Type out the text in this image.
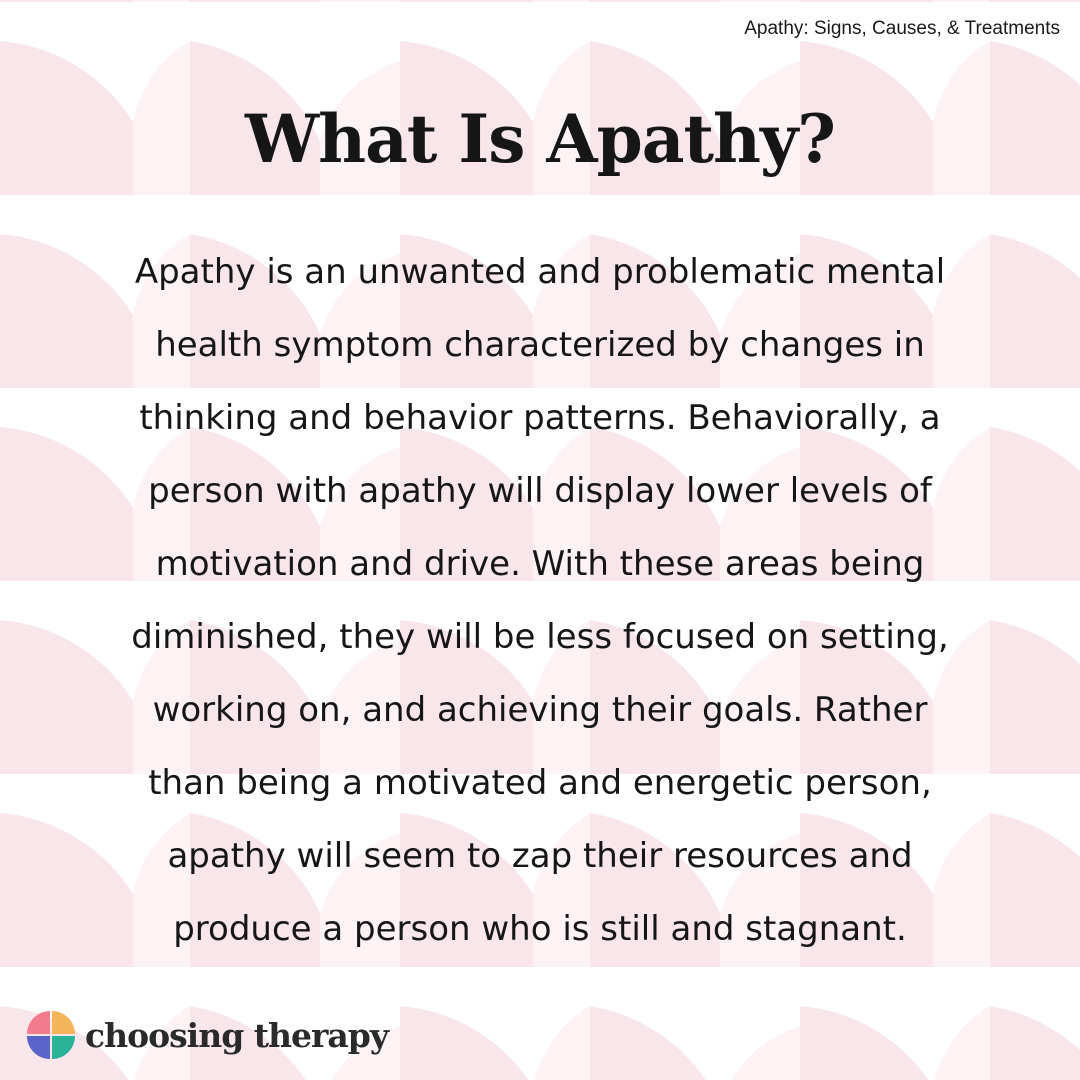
Apathy: Signs, Causes, & Treatments
What Is Apathy?

Apathy is an unwanted and problematic mental
health symptom characterized by changes in
thinking and behavior patterns. Behaviorally, a
person with apathy will display lower levels of
motivation and drive. With these areas being
diminished, they will be less focused on setting,
working on, and achieving their goals. Rather
than being a motivated and energetic person,
apathy will seem to zap their resources and
produce a person who is still and stagnant.

choosing therapy
